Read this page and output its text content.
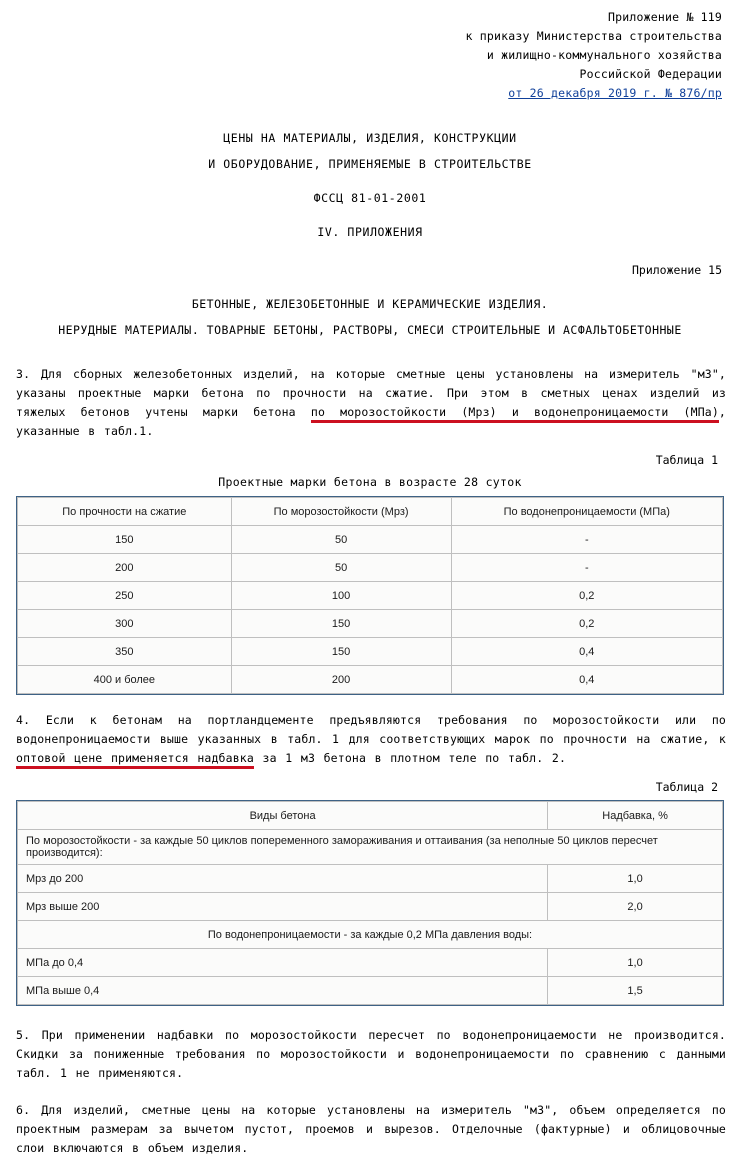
Приложение № 119
к приказу Министерства строительства
и жилищно-коммунального хозяйства
Российской Федерации
от 26 декабря 2019 г. № 876/пр
ЦЕНЫ НА МАТЕРИАЛЫ, ИЗДЕЛИЯ, КОНСТРУКЦИИ
И ОБОРУДОВАНИЕ, ПРИМЕНЯЕМЫЕ В СТРОИТЕЛЬСТВЕ
ФССЦ 81-01-2001
IV. ПРИЛОЖЕНИЯ
Приложение 15
БЕТОННЫЕ, ЖЕЛЕЗОБЕТОННЫЕ И КЕРАМИЧЕСКИЕ ИЗДЕЛИЯ.
НЕРУДНЫЕ МАТЕРИАЛЫ. ТОВАРНЫЕ БЕТОНЫ, РАСТВОРЫ, СМЕСИ СТРОИТЕЛЬНЫЕ И АСФАЛЬТОБЕТОННЫЕ
3. Для сборных железобетонных изделий, на которые сметные цены установлены на измеритель "м3", указаны проектные марки бетона по прочности на сжатие. При этом в сметных ценах изделий из тяжелых бетонов учтены марки бетона по морозостойкости (Мрз) и водонепроницаемости (МПа), указанные в табл.1.
Таблица 1
Проектные марки бетона в возрасте 28 суток
По прочности на сжатие	По морозостойкости (Мрз)	По водонепроницаемости (МПа)
150	50	-
200	50	-
250	100	0,2
300	150	0,2
350	150	0,4
400 и более	200	0,4
4. Если к бетонам на портландцементе предъявляются требования по морозостойкости или по водонепроницаемости выше указанных в табл. 1 для соответствующих марок по прочности на сжатие, к оптовой цене применяется надбавка за 1 м3 бетона в плотном теле по табл. 2.
Таблица 2
Виды бетона	Надбавка, %
По морозостойкости - за каждые 50 циклов попеременного замораживания и оттаивания (за неполные 50 циклов пересчет производится):	
Мрз до 200	1,0
Мрз выше 200	2,0
По водонепроницаемости - за каждые 0,2 МПа давления воды:	
МПа до 0,4	1,0
МПа выше 0,4	1,5
5. При применении надбавки по морозостойкости пересчет по водонепроницаемости не производится. Скидки за пониженные требования по морозостойкости и водонепроницаемости по сравнению с данными табл. 1 не применяются.
6. Для изделий, сметные цены на которые установлены на измеритель "м3", объем определяется по проектным размерам за вычетом пустот, проемов и вырезов. Отделочные (фактурные) и облицовочные слои включаются в объем изделия.
